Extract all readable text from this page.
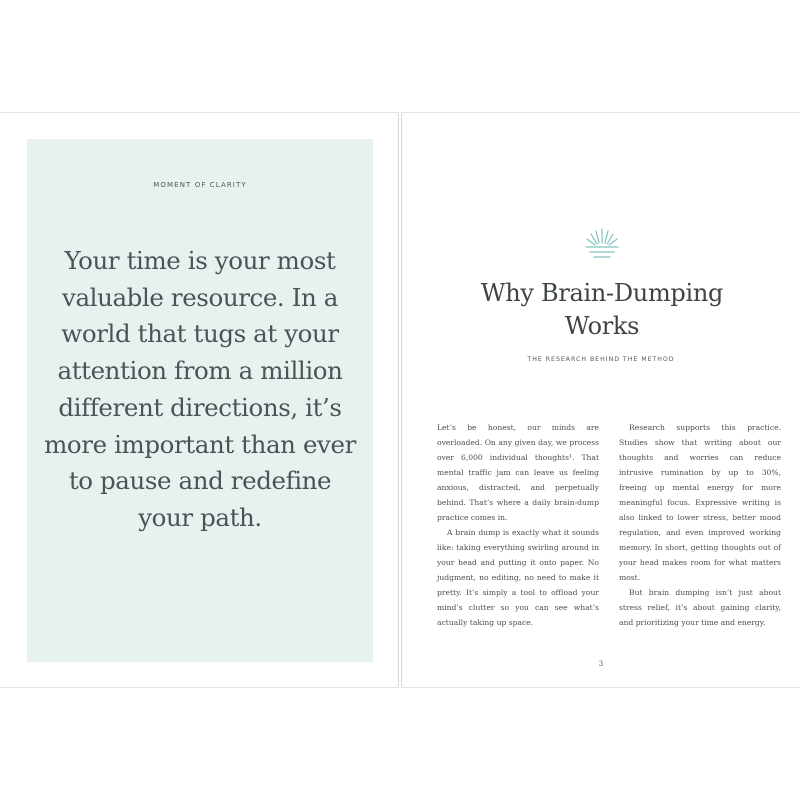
MOMENT OF CLARITY

Your time is your most valuable resource. In a world that tugs at your attention from a million different directions, it’s more important than ever to pause and redefine your path.

Why Brain-Dumping Works
THE RESEARCH BEHIND THE METHOD

Let’s be honest, our minds are overloaded. On any given day, we process over 6,000 individual thoughts¹. That mental traffic jam can leave us feeling anxious, distracted, and perpetually behind. That’s where a daily brain-dump practice comes in.

A brain dump is exactly what it sounds like: taking everything swirling around in your head and putting it onto paper. No judgment, no editing, no need to make it pretty. It’s simply a tool to offload your mind’s clutter so you can see what’s actually taking up space.

Research supports this practice. Studies show that writing about our thoughts and worries can reduce intrusive rumination by up to 30%, freeing up mental energy for more meaningful focus. Expressive writing is also linked to lower stress, better mood regulation, and even improved working memory. In short, getting thoughts out of your head makes room for what matters most.

But brain dumping isn’t just about stress relief, it’s about gaining clarity, and prioritizing your time and energy.

3
